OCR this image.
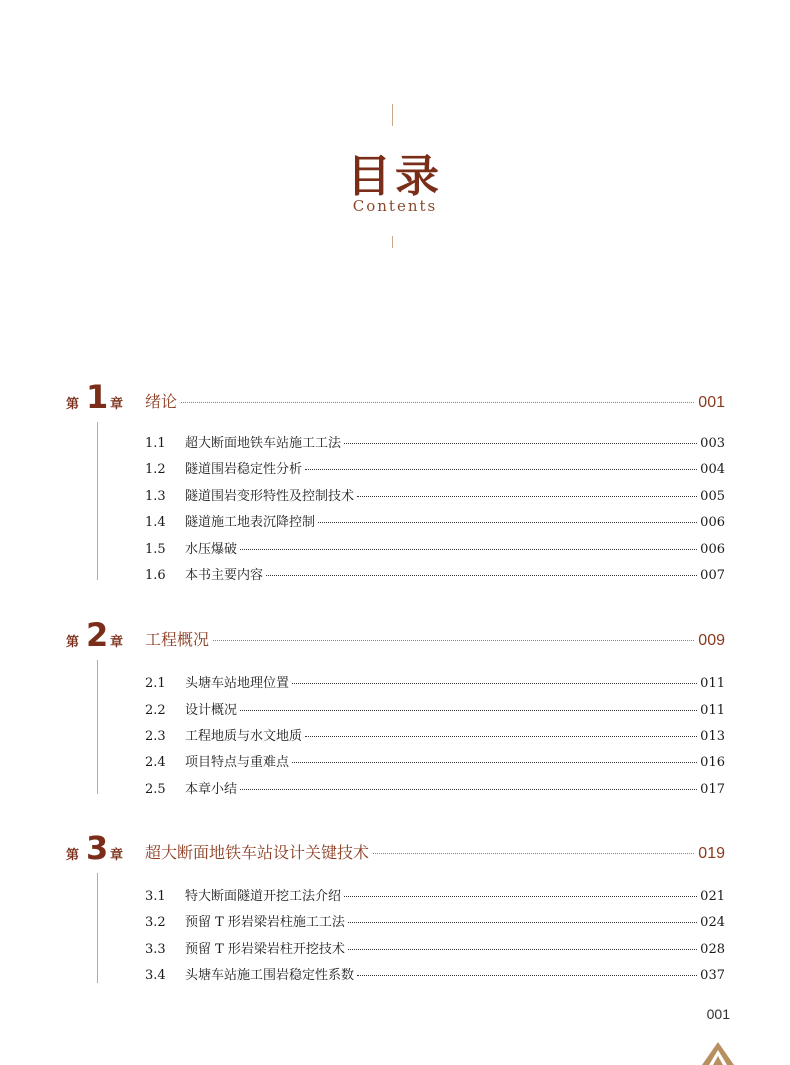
目录
Contents
第 1 章 绪论	001
1.1	超大断面地铁车站施工工法	003
1.2	隧道围岩稳定性分析	004
1.3	隧道围岩变形特性及控制技术	005
1.4	隧道施工地表沉降控制	006
1.5	水压爆破	006
1.6	本书主要内容	007
第 2 章 工程概况	009
2.1	头塘车站地理位置	011
2.2	设计概况	011
2.3	工程地质与水文地质	013
2.4	项目特点与重难点	016
2.5	本章小结	017
第 3 章 超大断面地铁车站设计关键技术	019
3.1	特大断面隧道开挖工法介绍	021
3.2	预留 T 形岩梁岩柱施工工法	024
3.3	预留 T 形岩梁岩柱开挖技术	028
3.4	头塘车站施工围岩稳定性系数	037
001
